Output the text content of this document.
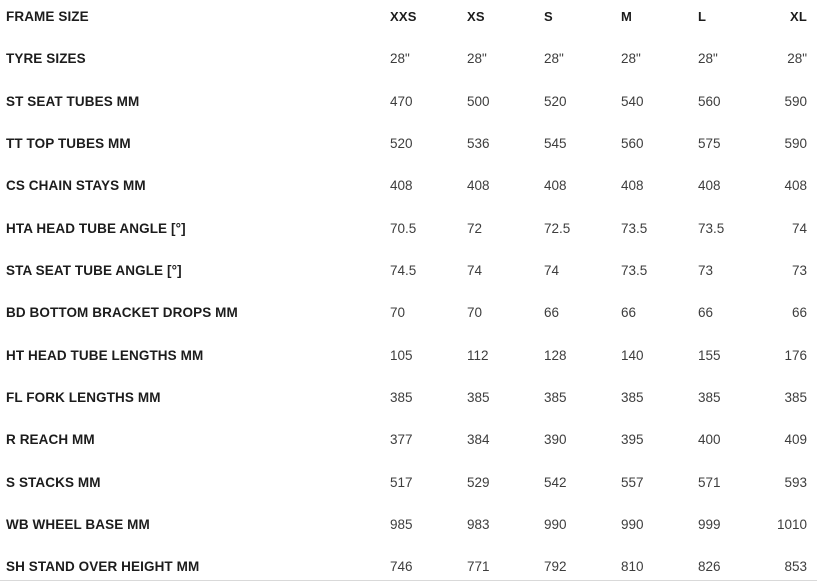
FRAME SIZE	XXS	XS	S	M	L	XL
TYRE SIZES	28"	28"	28"	28"	28"	28"
ST SEAT TUBES MM	470	500	520	540	560	590
TT TOP TUBES MM	520	536	545	560	575	590
CS CHAIN STAYS MM	408	408	408	408	408	408
HTA HEAD TUBE ANGLE [°]	70.5	72	72.5	73.5	73.5	74
STA SEAT TUBE ANGLE [°]	74.5	74	74	73.5	73	73
BD BOTTOM BRACKET DROPS MM	70	70	66	66	66	66
HT HEAD TUBE LENGTHS MM	105	112	128	140	155	176
FL FORK LENGTHS MM	385	385	385	385	385	385
R REACH MM	377	384	390	395	400	409
S STACKS MM	517	529	542	557	571	593
WB WHEEL BASE MM	985	983	990	990	999	1010
SH STAND OVER HEIGHT MM	746	771	792	810	826	853
